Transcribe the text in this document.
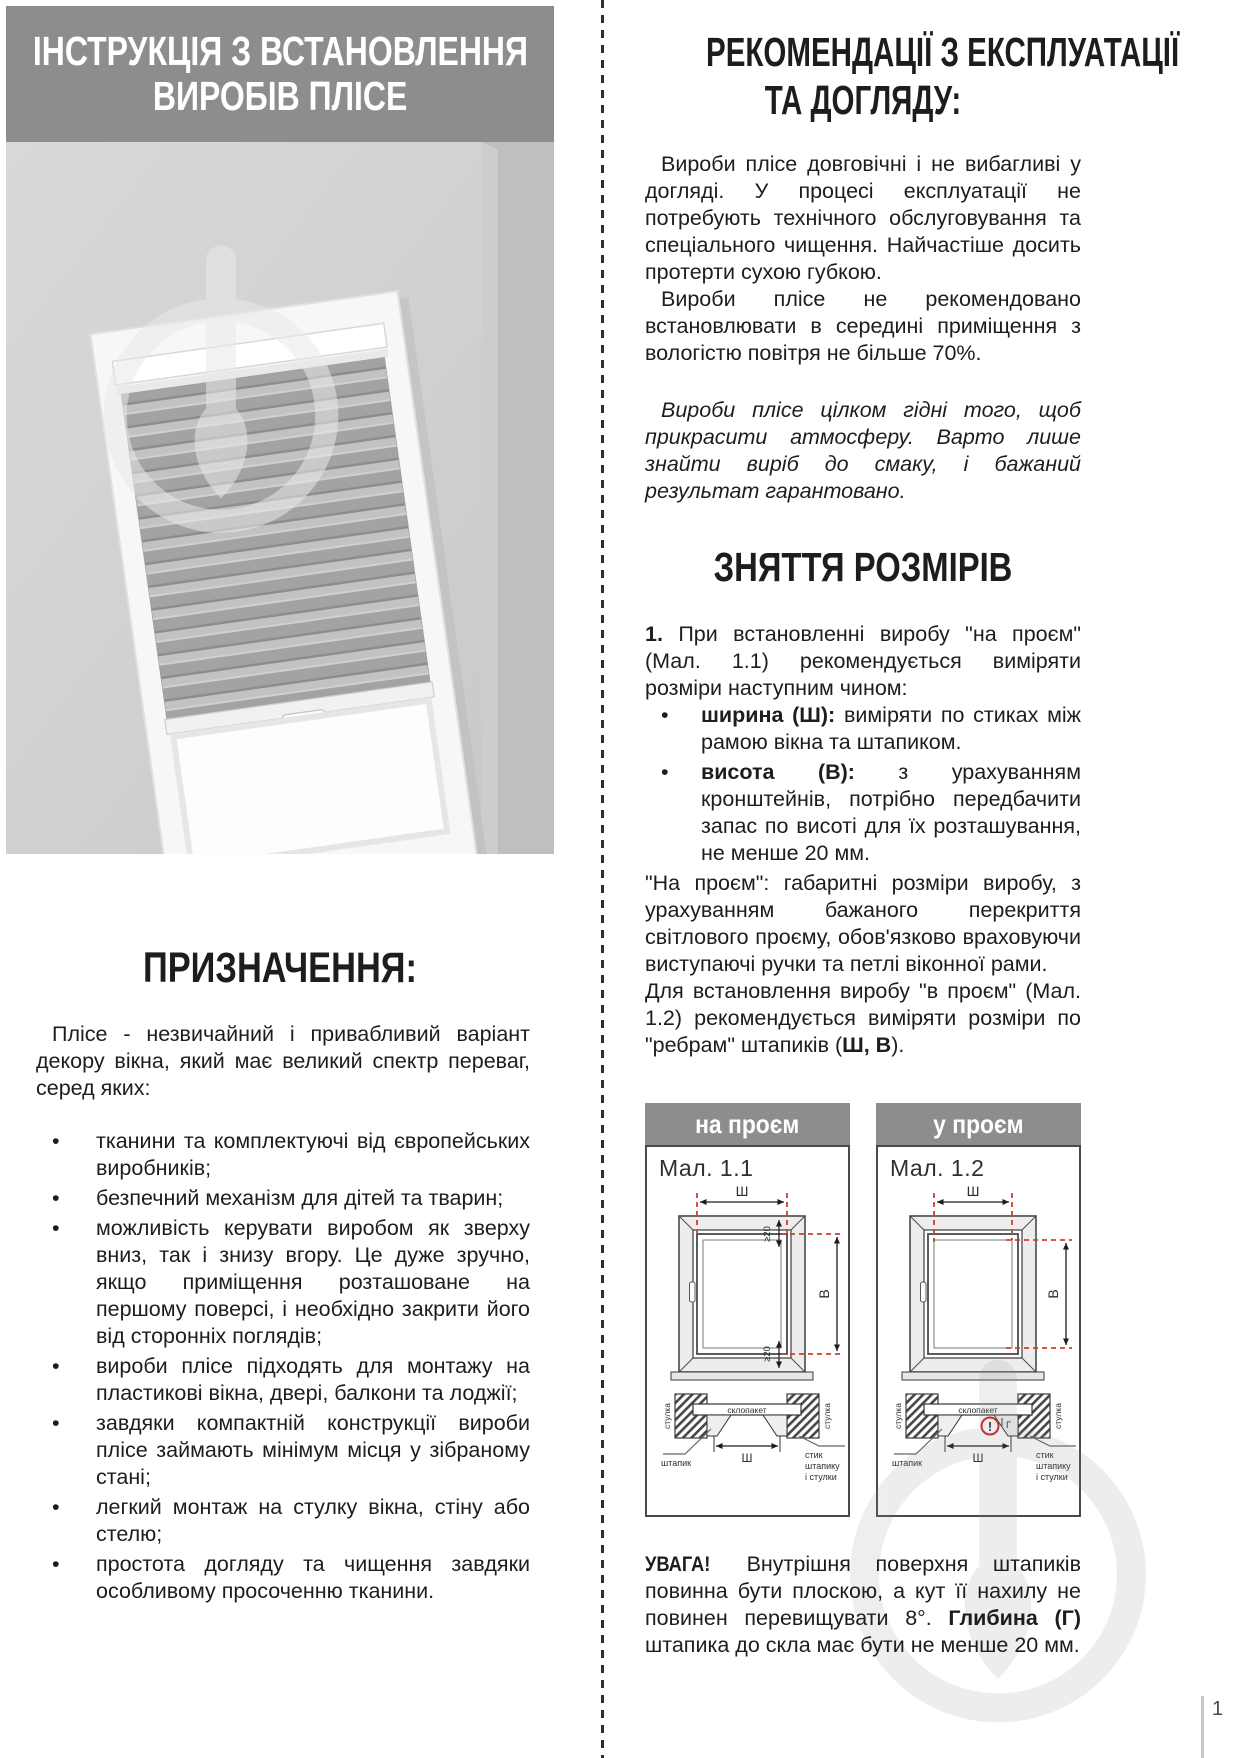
ІНСТРУКЦІЯ З ВСТАНОВЛЕННЯ
ВИРОБІВ ПЛІСЕ
ПРИЗНАЧЕННЯ:
Плісе - незвичайний і привабливий варіант декору вікна, який має великий спектр переваг, серед яких:
• тканини та комплектуючі від європейських виробників;
• безпечний механізм для дітей та тварин;
• можливість керувати виробом як зверху вниз, так і знизу вгору. Це дуже зручно, якщо приміщення розташоване на першому поверсі, і необхідно закрити його від сторонніх поглядів;
• вироби плісе підходять для монтажу на пластикові вікна, двері, балкони та лоджії;
• завдяки компактній конструкції вироби плісе займають мінімум місця у зібраному стані;
• легкий монтаж на стулку вікна, стіну або стелю;
• простота догляду та чищення завдяки особливому просоченню тканини.
РЕКОМЕНДАЦІЇ З ЕКСПЛУАТАЦІЇ
ТА ДОГЛЯДУ:
Вироби плісе довговічні і не вибагливі у догляді. У процесі експлуатації не потребують технічного обслуговування та спеціального чищення. Найчастіше досить протерти сухою губкою.
Вироби плісе не рекомендовано встановлювати в середині приміщення з вологістю повітря не більше 70%.
Вироби плісе цілком гідні того, щоб прикрасити атмосферу. Варто лише знайти виріб до смаку, і бажаний результат гарантовано.
ЗНЯТТЯ РОЗМІРІВ
1. При встановленні виробу "на проєм" (Мал. 1.1) рекомендується виміряти розміри наступним чином:
• ширина (Ш): виміряти по стиках між рамою вікна та штапиком.
• висота (В): з урахуванням кронштейнів, потрібно передбачити запас по висоті для їх розташування, не менше 20 мм.
"На проєм": габаритні розміри виробу, з урахуванням бажаного перекриття світлового проєму, обов'язково враховуючи виступаючі ручки та петлі віконної рами.
Для встановлення виробу "в проєм" (Мал. 1.2) рекомендується виміряти розміри по "ребрам" штапиків (Ш, В).
на проєм
Мал. 1.1
Ш
В
≥20
≥20
стулка	стулка
склопакет
Ш
штапик
стик
штапику
і стулки
у проєм
Мал. 1.2
Ш
В
стулка	стулка
склопакет
Ш
штапик
стик
штапику
і стулки
! Г
УВАГА! Внутрішня поверхня штапиків повинна бути плоскою, а кут її нахилу не повинен перевищувати 8°. Глибина (Г) штапика до скла має бути не менше 20 мм.
1
